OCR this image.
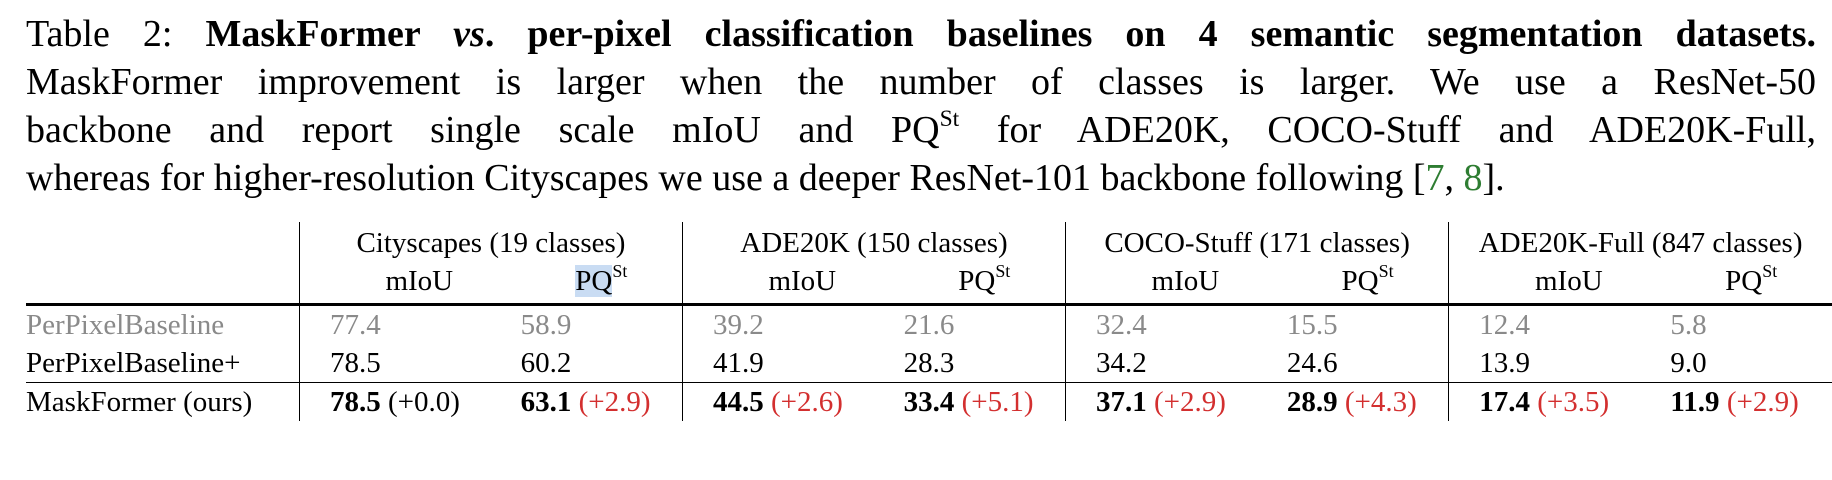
Table 2: MaskFormer vs. per-pixel classification baselines on 4 semantic segmentation datasets.
MaskFormer improvement is larger when the number of classes is larger. We use a ResNet-50
backbone and report single scale mIoU and $PQ^{St}$ for ADE20K, COCO-Stuff and ADE20K-Full,
whereas for higher-resolution Cityscapes we use a deeper ResNet-101 backbone following [7, 8].
	Cityscapes (19 classes)		ADE20K (150 classes)		COCO-Stuff (171 classes)		ADE20K-Full (847 classes)	
	mIoU	$PQ^{St}$	mIoU	$PQ^{St}$	mIoU	$PQ^{St}$	mIoU	$PQ^{St}$

PerPixelBaseline	77.4	58.9	39.2	21.6	32.4	15.5	12.4	5.8
PerPixelBaseline+	78.5	60.2	41.9	28.3	34.2	24.6	13.9	9.0

MaskFormer (ours)	78.5 (+0.0)	63.1 (+2.9)	44.5 (+2.6)	33.4 (+5.1)	37.1 (+2.9)	28.9 (+4.3)	17.4 (+3.5)	11.9 (+2.9)
